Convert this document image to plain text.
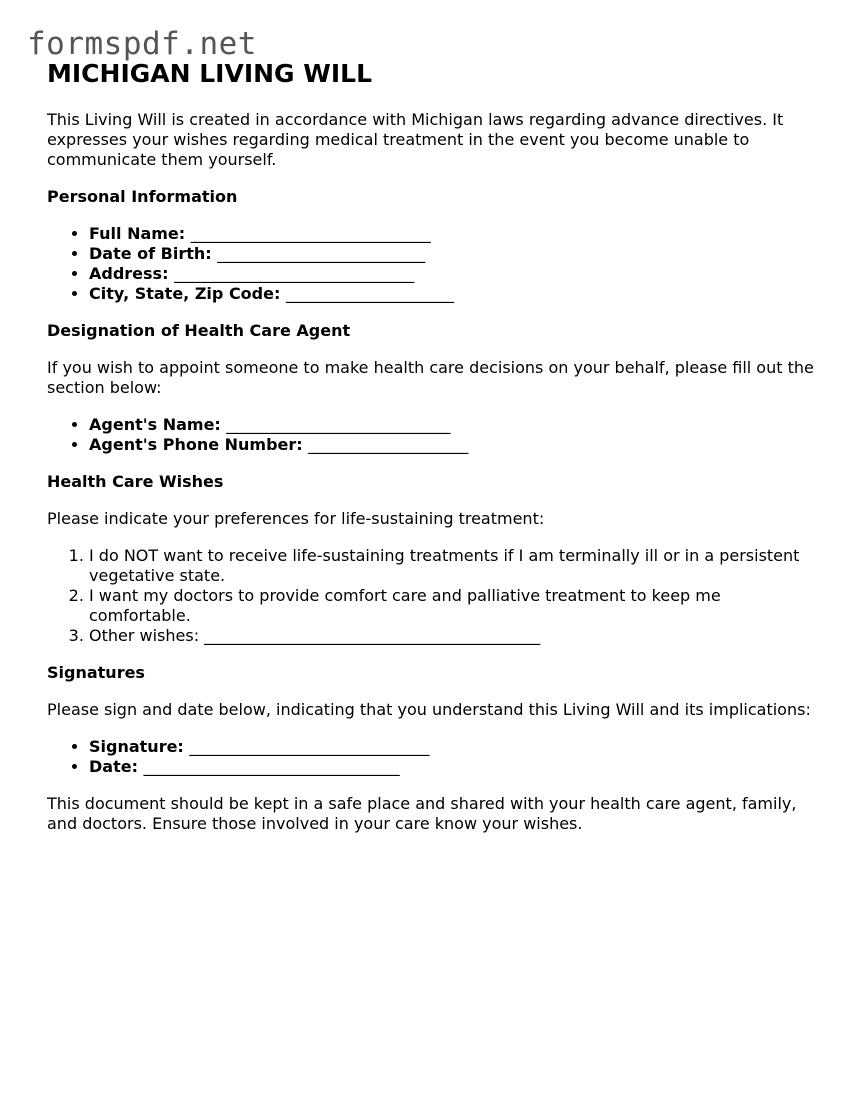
formspdf.net
MICHIGAN LIVING WILL

This Living Will is created in accordance with Michigan laws regarding advance directives. It expresses your wishes regarding medical treatment in the event you become unable to communicate them yourself.

Personal Information
• Full Name: ______________________________
• Date of Birth: __________________________
• Address: ______________________________
• City, State, Zip Code: _____________________
Designation of Health Care Agent

If you wish to appoint someone to make health care decisions on your behalf, please fill out the section below:

• Agent's Name: ____________________________
• Agent's Phone Number: ____________________
Health Care Wishes

Please indicate your preferences for life-sustaining treatment:

1. I do NOT want to receive life-sustaining treatments if I am terminally ill or in a persistent vegetative state.
2. I want my doctors to provide comfort care and palliative treatment to keep me comfortable.
3. Other wishes: __________________________________________
Signatures

Please sign and date below, indicating that you understand this Living Will and its implications:

• Signature: ______________________________
• Date: ________________________________

This document should be kept in a safe place and shared with your health care agent, family, and doctors. Ensure those involved in your care know your wishes.
